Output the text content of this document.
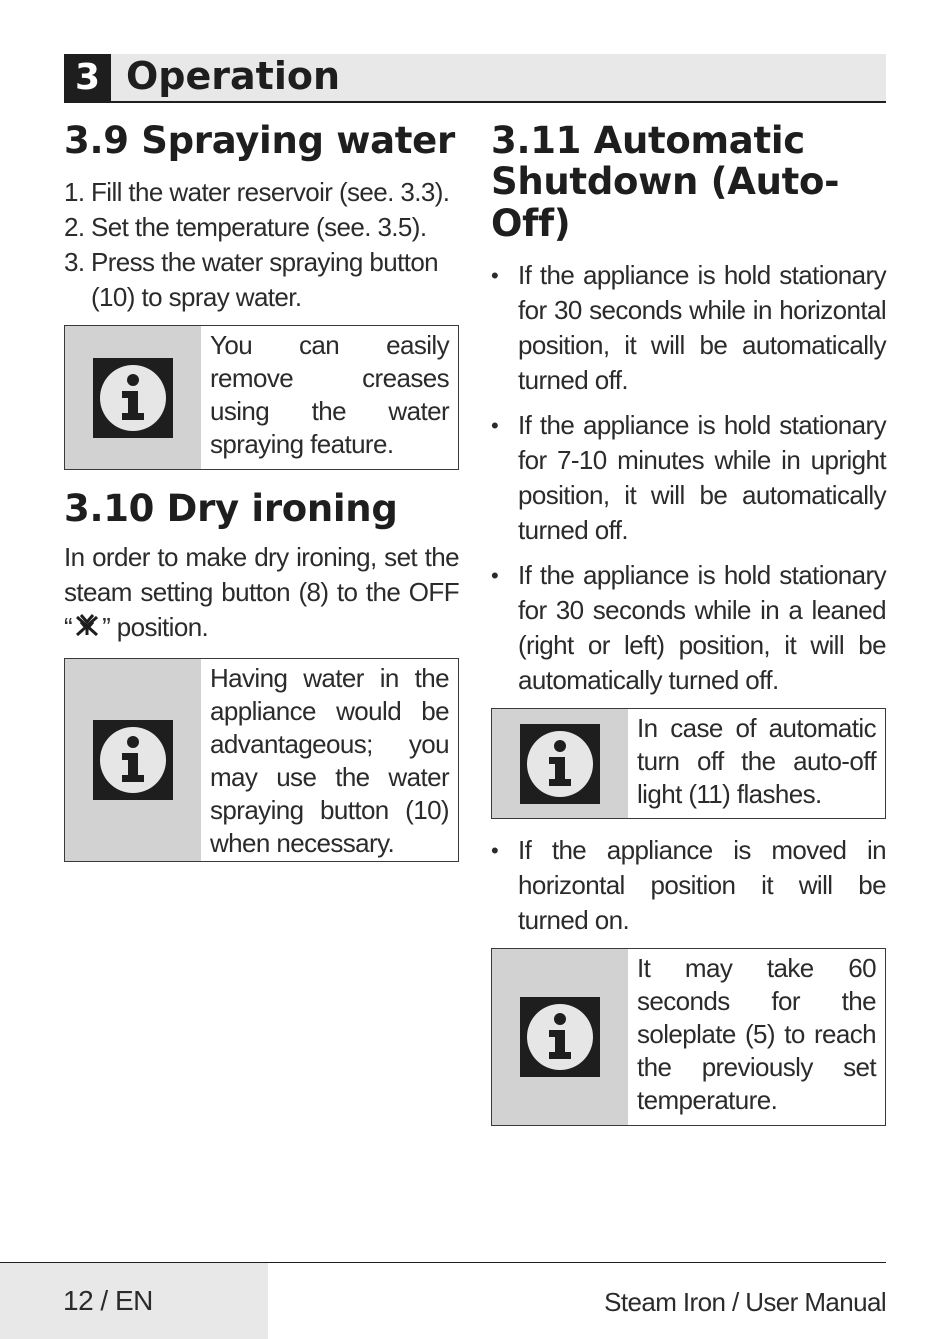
3 Operation
3.9 Spraying water
1. Fill the water reservoir (see. 3.3).
2. Set the temperature (see. 3.5).
3. Press the water spraying button (10) to spray water.
You can easily remove creases using the water spraying feature.
3.10 Dry ironing

In order to make dry ironing, set the steam setting button (8) to the OFF “ ” position.

Having water in the appliance would be advantageous; you may use the water spraying button (10) when necessary.
3.11 Automatic Shutdown (Auto-Off)
• If the appliance is hold stationary for 30 seconds while in horizontal position, it will be automatically turned off.
• If the appliance is hold stationary for 7-10 minutes while in upright position, it will be automatically turned off.
• If the appliance is hold stationary for 30 seconds while in a leaned (right or left) position, it will be automatically turned off.
In case of automatic turn off the auto-off light (11) flashes.
• If the appliance is moved in horizontal position it will be turned on.
It may take 60 seconds for the soleplate (5) to reach the previously set temperature.
12 / EN	Steam Iron / User Manual
